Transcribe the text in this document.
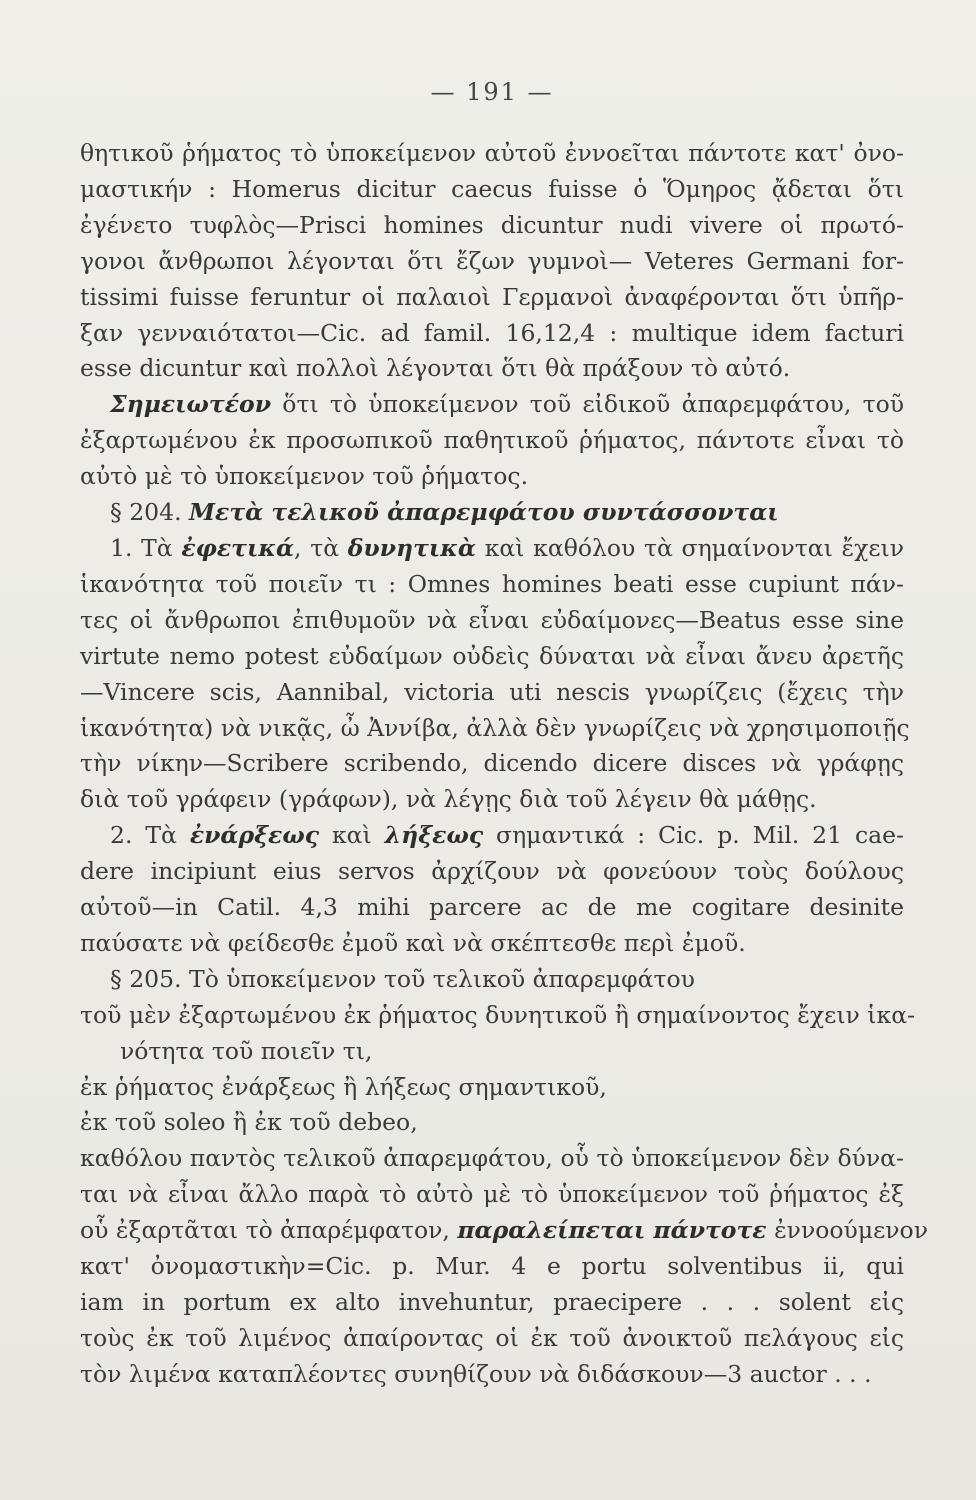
— 191 —
θητικοῦ ῥήματος τὸ ὑποκείμενον αὐτοῦ ἐννοεῖται πάντοτε κατ' ὀνο-
μαστικήν : Homerus dicitur caecus fuisse ὁ Ὅμηρος ᾄδεται ὅτι
ἐγένετο τυφλὸς—Prisci homines dicuntur nudi vivere οἱ πρωτό-
γονοι ἄνθρωποι λέγονται ὅτι ἔζων γυμνοὶ— Veteres Germani for-
tissimi fuisse feruntur οἱ παλαιοὶ Γερμανοὶ ἀναφέρονται ὅτι ὑπῆρ-
ξαν γενναιότατοι—Cic. ad famil. 16,12,4 : multique idem facturi
esse dicuntur καὶ πολλοὶ λέγονται ὅτι θὰ πράξουν τὸ αὐτό.
Σημειωτέον ὅτι τὸ ὑποκείμενον τοῦ εἰδικοῦ ἀπαρεμφάτου, τοῦ
ἐξαρτωμένου ἐκ προσωπικοῦ παθητικοῦ ῥήματος, πάντοτε εἶναι τὸ
αὐτὸ μὲ τὸ ὑποκείμενον τοῦ ῥήματος.
§ 204. Μετὰ τελικοῦ ἀπαρεμφάτου συντάσσονται
1. Τὰ ἐφετικά, τὰ δυνητικὰ καὶ καθόλου τὰ σημαίνονται ἔχειν
ἱκανότητα τοῦ ποιεῖν τι : Omnes homines beati esse cupiunt πάν-
τες οἱ ἄνθρωποι ἐπιθυμοῦν νὰ εἶναι εὐδαίμονες—Beatus esse sine
virtute nemo potest εὐδαίμων οὐδεὶς δύναται νὰ εἶναι ἄνευ ἀρετῆς
—Vincere scis, Aannibal, victoria uti nescis γνωρίζεις (ἔχεις τὴν
ἱκανότητα) νὰ νικᾷς, ὦ Ἀννίβα, ἀλλὰ δὲν γνωρίζεις νὰ χρησιμοποιῇς
τὴν νίκην—Scribere scribendo, dicendo dicere disces νὰ γράφῃς
διὰ τοῦ γράφειν (γράφων), νὰ λέγῃς διὰ τοῦ λέγειν θὰ μάθῃς.
2. Τὰ ἐνάρξεως καὶ λήξεως σημαντικά : Cic. p. Mil. 21 cae-
dere incipiunt eius servos ἀρχίζουν νὰ φονεύουν τοὺς δούλους
αὐτοῦ—in Catil. 4,3 mihi parcere ac de me cogitare desinite
παύσατε νὰ φείδεσθε ἐμοῦ καὶ νὰ σκέπτεσθε περὶ ἐμοῦ.
§ 205. Τὸ ὑποκείμενον τοῦ τελικοῦ ἀπαρεμφάτου
τοῦ μὲν ἐξαρτωμένου ἐκ ῥήματος δυνητικοῦ ἢ σημαίνοντος ἔχειν ἱκα-
νότητα τοῦ ποιεῖν τι,
ἐκ ῥήματος ἐνάρξεως ἢ λήξεως σημαντικοῦ,
ἐκ τοῦ soleo ἢ ἐκ τοῦ debeo,
καθόλου παντὸς τελικοῦ ἀπαρεμφάτου, οὗ τὸ ὑποκείμενον δὲν δύνα-
ται νὰ εἶναι ἄλλο παρὰ τὸ αὐτὸ μὲ τὸ ὑποκείμενον τοῦ ῥήματος ἐξ
οὗ ἐξαρτᾶται τὸ ἀπαρέμφατον, παραλείπεται πάντοτε ἐννοούμενον
κατ' ὀνομαστικὴν=Cic. p. Mur. 4 e portu solventibus ii, qui
iam in portum ex alto invehuntur, praecipere . . . solent εἰς
τοὺς ἐκ τοῦ λιμένος ἀπαίροντας οἱ ἐκ τοῦ ἀνοικτοῦ πελάγους εἰς
τὸν λιμένα καταπλέοντες συνηθίζουν νὰ διδάσκουν—3 auctor . . .
